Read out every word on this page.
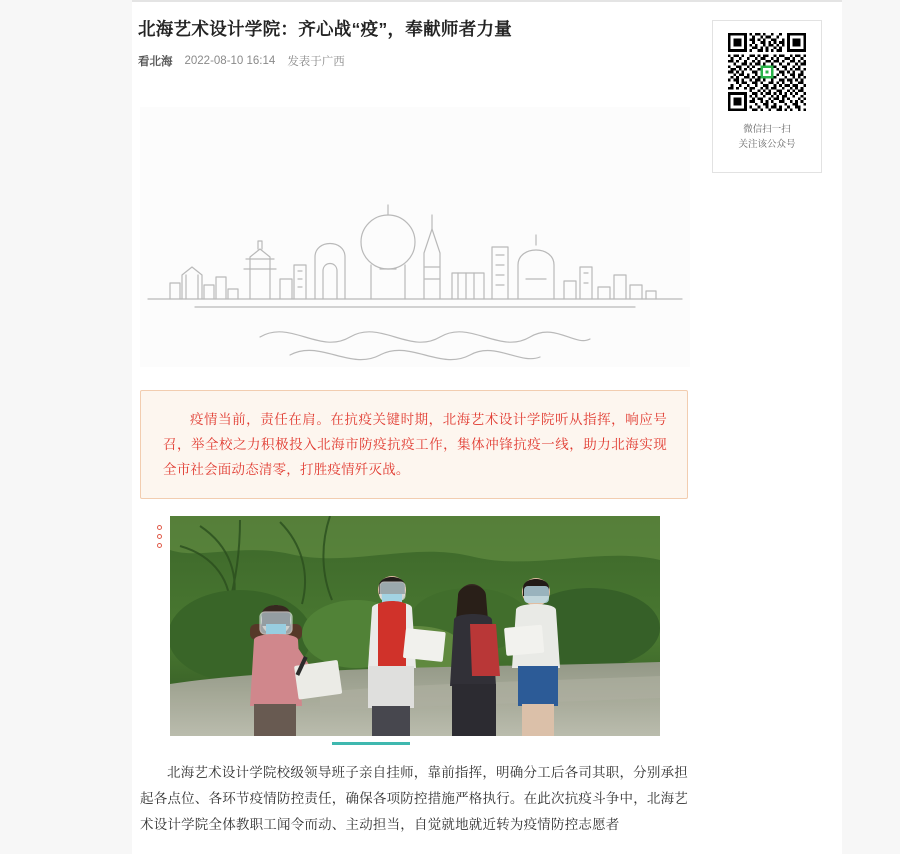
北海艺术设计学院：齐心战“疫”，奉献师者力量
看北海 2022-08-10 16:14 发表于广西
微信扫一扫
关注该公众号

疫情当前，责任在肩。在抗疫关键时期，北海艺术设计学院听从指挥，响应号召，举全校之力积极投入北海市防疫抗疫工作，集体冲锋抗疫一线，助力北海实现全市社会面动态清零，打胜疫情歼灭战。

北海艺术设计学院校级领导班子亲自挂师，靠前指挥，明确分工后各司其职，分别承担起各点位、各环节疫情防控责任，确保各项防控措施严格执行。在此次抗疫斗争中，北海艺术设计学院全体教职工闻令而动、主动担当，自觉就地就近转为疫情防控志愿者
